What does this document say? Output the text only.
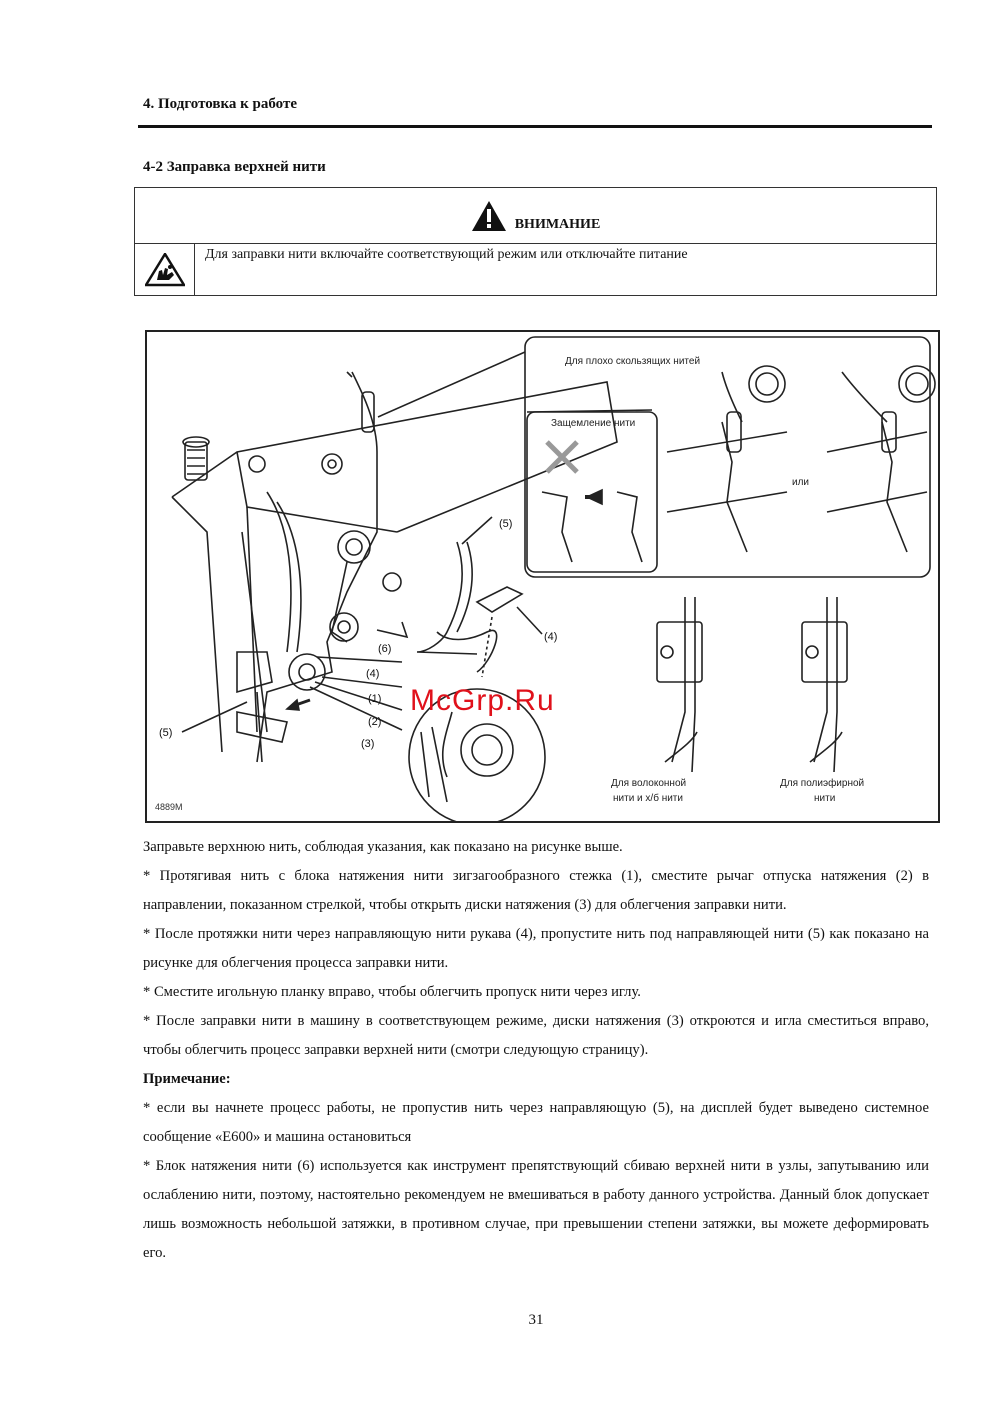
4. Подготовка к работе
4-2 Заправка верхней нити
ВНИМАНИЕ
Для заправки нити включайте соответствующий режим или отключайте питание
McGrp.Ru
Для плохо скользящих нитей
Защемление нити
или
Для волоконной
нити и х/б нити
Для полиэфирной
нити
(6)
(4)
(1)
(2)
(3)
(5)
(5)
(4)
4889M

Заправьте верхнюю нить, соблюдая указания, как показано на рисунке выше.

* Протягивая нить с блока натяжения нити зигзагообразного стежка (1), сместите рычаг отпуска натяжения (2) в направлении, показанном стрелкой, чтобы открыть диски натяжения (3) для облегчения заправки нити.

* После протяжки нити через направляющую нити рукава (4), пропустите нить под направляющей нити (5) как показано на рисунке для облегчения процесса заправки нити.

* Сместите игольную планку вправо, чтобы облегчить пропуск нити через иглу.

* После заправки нити в машину в соответствующем режиме, диски натяжения (3) откроются и игла сместиться вправо, чтобы облегчить процесс заправки верхней нити (смотри следующую страницу).

Примечание:

* если вы начнете процесс работы, не пропустив нить через направляющую (5), на дисплей будет выведено системное сообщение «E600» и машина остановиться

* Блок натяжения нити (6) используется как инструмент препятствующий сбиваю верхней нити в узлы, запутыванию или ослаблению нити, поэтому, настоятельно рекомендуем не вмешиваться в работу данного устройства. Данный блок допускает лишь возможность небольшой затяжки, в противном случае, при превышении степени затяжки, вы можете деформировать его.

31
